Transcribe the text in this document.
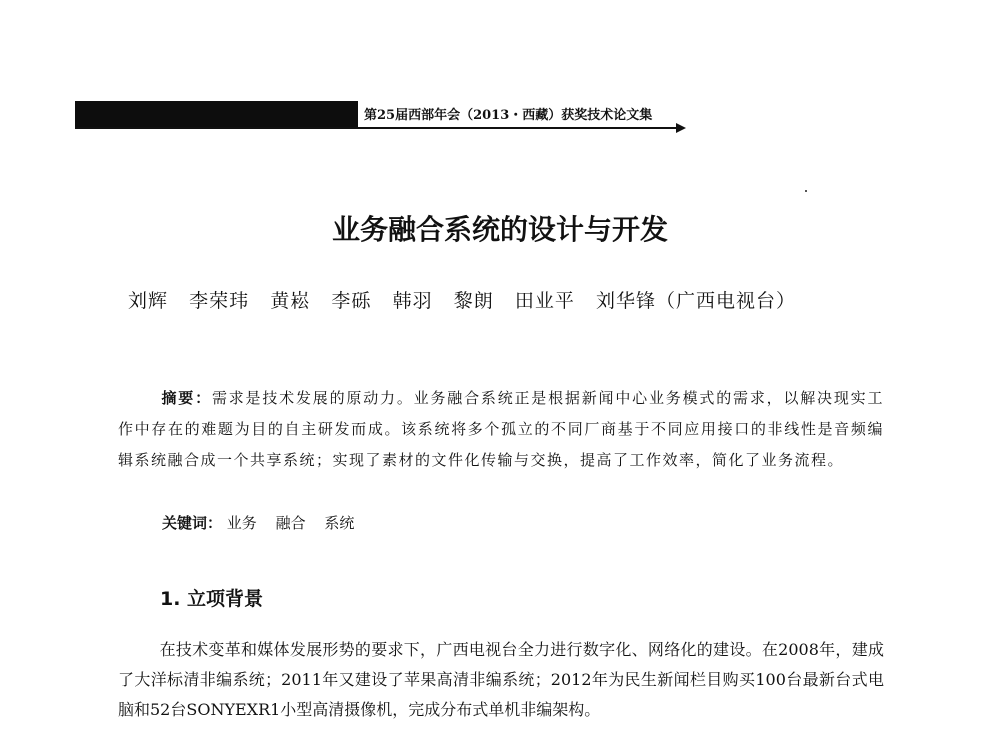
第25届西部年会（2013・西藏）获奖技术论文集
业务融合系统的设计与开发
刘辉 李荣玮 黄崧 李砾 韩羽 黎朗 田业平 刘华锋（广西电视台）
摘要：需求是技术发展的原动力。业务融合系统正是根据新闻中心业务模式的需求，以解决现实工作中存在的难题为目的自主研发而成。该系统将多个孤立的不同厂商基于不同应用接口的非线性是音频编辑系统融合成一个共享系统；实现了素材的文件化传输与交换，提高了工作效率，简化了业务流程。
关键词： 业务 融合 系统
1. 立项背景
在技术变革和媒体发展形势的要求下，广西电视台全力进行数字化、网络化的建设。在2008年，建成了大洋标清非编系统；2011年又建设了苹果高清非编系统；2012年为民生新闻栏目购买100台最新台式电脑和52台SONYEXR1小型高清摄像机，完成分布式单机非编架构。
